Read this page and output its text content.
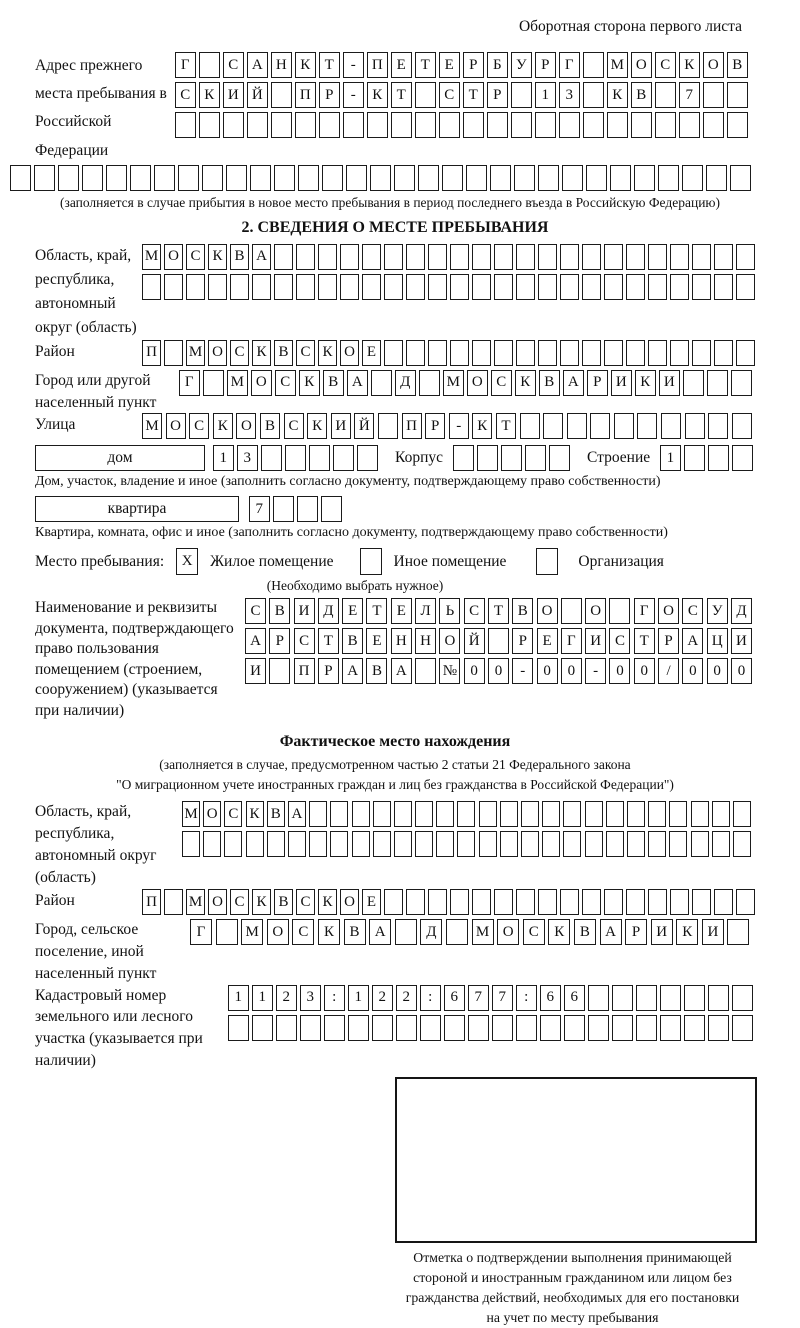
Оборотная сторона первого листа
Адрес прежнего места пребывания в Российской Федерации
Г	С А Н К Т	-	П Е Т Е	Р	Б У Р	Г	М О С К О В
С К И Й	П Р	-	К Т	С Т	Р	1	3	К В	7
(заполняется в случае прибытия в новое место пребывания в период последнего въезда в Российскую Федерацию)
2. СВЕДЕНИЯ О МЕСТЕ ПРЕБЫВАНИЯ
Область, край, республика, автономный округ (область)
М О С К В А
Район	П М О С К В С К О Е
Город или другой населенный пункт
Г	М О С К В А	Д	М О С К В А Р И К И
Улица	М О С К О В С К И Й	П Р	-	К Т
дом	1	3	Корпус	Строение	1
Дом, участок, владение и иное (заполнить согласно документу, подтверждающему право собственности)
квартира	7
Квартира, комната, офис и иное (заполнить согласно документу, подтверждающему право собственности)
Место пребывания:	X	Жилое помещение	Иное помещение	Организация
(Необходимо выбрать нужное)
Наименование и реквизиты документа, подтверждающего право пользования помещением (строением, сооружением) (указывается при наличии)
С В И Д Е	Т	Е Л Ь С Т В О	О	Г О С У Д
А Р	С Т В Е Н Н О Й	Р	Е	Г И С Т	Р А Ц И
И	П Р А В А	№ 0	0	-	0	0	-	0	0	/	0	0	0
Фактическое место нахождения
(заполняется в случае, предусмотренном частью 2 статьи 21 Федерального закона
"О миграционном учете иностранных граждан и лиц без гражданства в Российской Федерации")
Область, край, республика, автономный округ (область)
М О С К В А
Район	П М О С К В С К О Е
Город, сельское поселение, иной населенный пункт
Г	М О	С	К	В	А	Д	М О	С	К	В	А	Р	И	К	И
Кадастровый номер земельного или лесного участка (указывается при наличии)
1	1	2	3	:	1	2	2	:	6	7	7	:	6	6
Отметка о подтверждении выполнения принимающей
стороной и иностранным гражданином или лицом без
гражданства действий, необходимых для его постановки
на учет по месту пребывания
